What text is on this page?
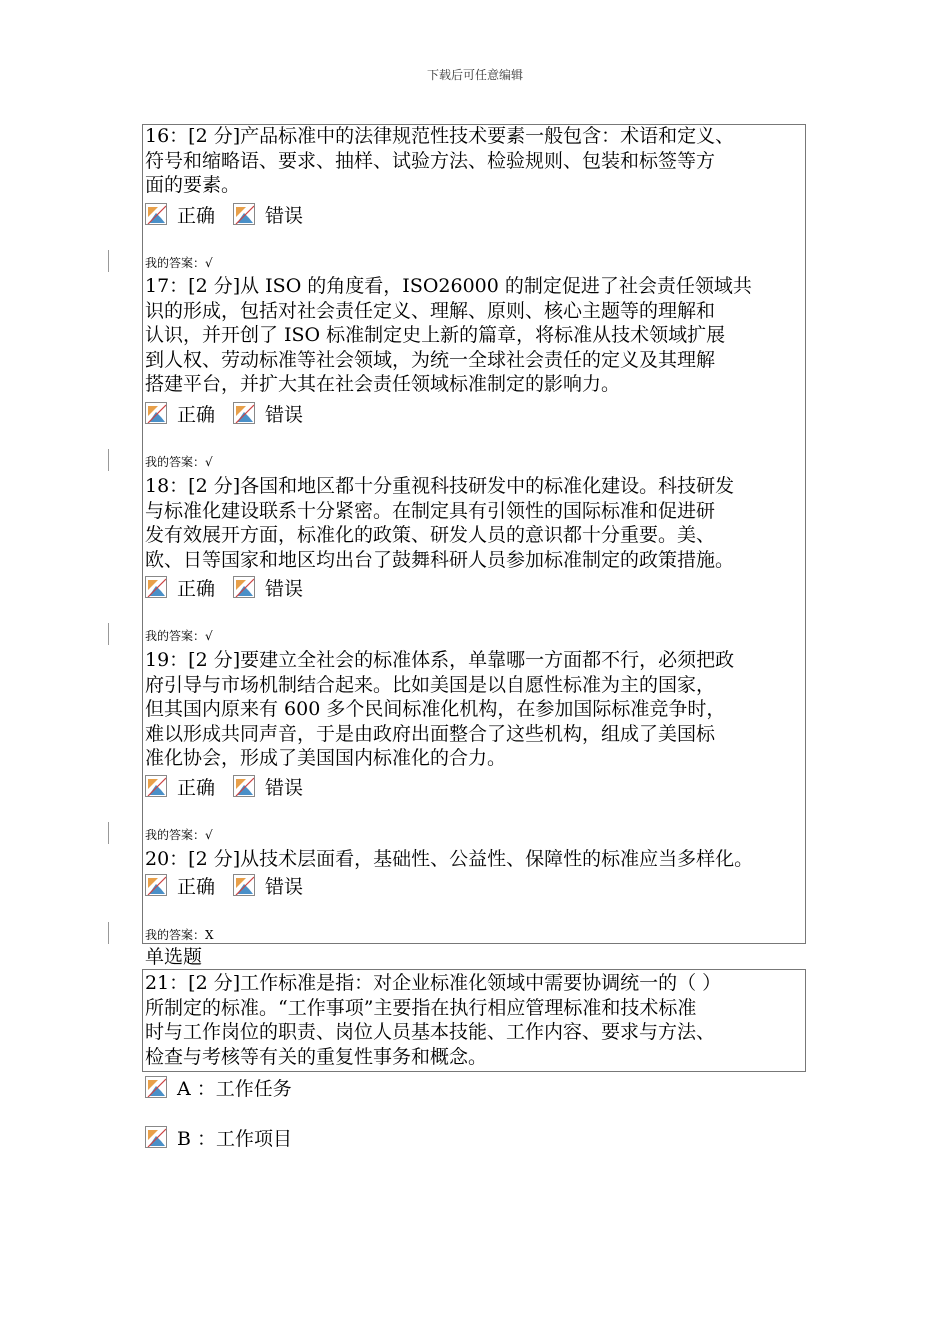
下载后可任意编辑
16：[2 分]产品标准中的法律规范性技术要素一般包含：术语和定义、
符号和缩略语、要求、抽样、试验方法、检验规则、包装和标签等方
面的要素。
正确	错误
我的答案：√
17：[2 分]从 ISO 的角度看，ISO26000 的制定促进了社会责任领域共
识的形成，包括对社会责任定义、理解、原则、核心主题等的理解和
认识，并开创了 ISO 标准制定史上新的篇章，将标准从技术领域扩展
到人权、劳动标准等社会领域，为统一全球社会责任的定义及其理解
搭建平台，并扩大其在社会责任领域标准制定的影响力。
正确	错误
我的答案：√
18：[2 分]各国和地区都十分重视科技研发中的标准化建设。科技研发
与标准化建设联系十分紧密。在制定具有引领性的国际标准和促进研
发有效展开方面，标准化的政策、研发人员的意识都十分重要。美、
欧、日等国家和地区均出台了鼓舞科研人员参加标准制定的政策措施。
正确	错误
我的答案：√
19：[2 分]要建立全社会的标准体系，单靠哪一方面都不行，必须把政
府引导与市场机制结合起来。比如美国是以自愿性标准为主的国家，
但其国内原来有 600 多个民间标准化机构，在参加国际标准竞争时，
难以形成共同声音，于是由政府出面整合了这些机构，组成了美国标
准化协会，形成了美国国内标准化的合力。
正确	错误
我的答案：√
20：[2 分]从技术层面看，基础性、公益性、保障性的标准应当多样化。
正确	错误
我的答案：X
单选题
21：[2 分]工作标准是指：对企业标准化领域中需要协调统一的（ ）
所制定的标准。“工作事项”主要指在执行相应管理标准和技术标准
时与工作岗位的职责、岗位人员基本技能、工作内容、要求与方法、
检查与考核等有关的重复性事务和概念。
A ：工作任务
B ：工作项目
